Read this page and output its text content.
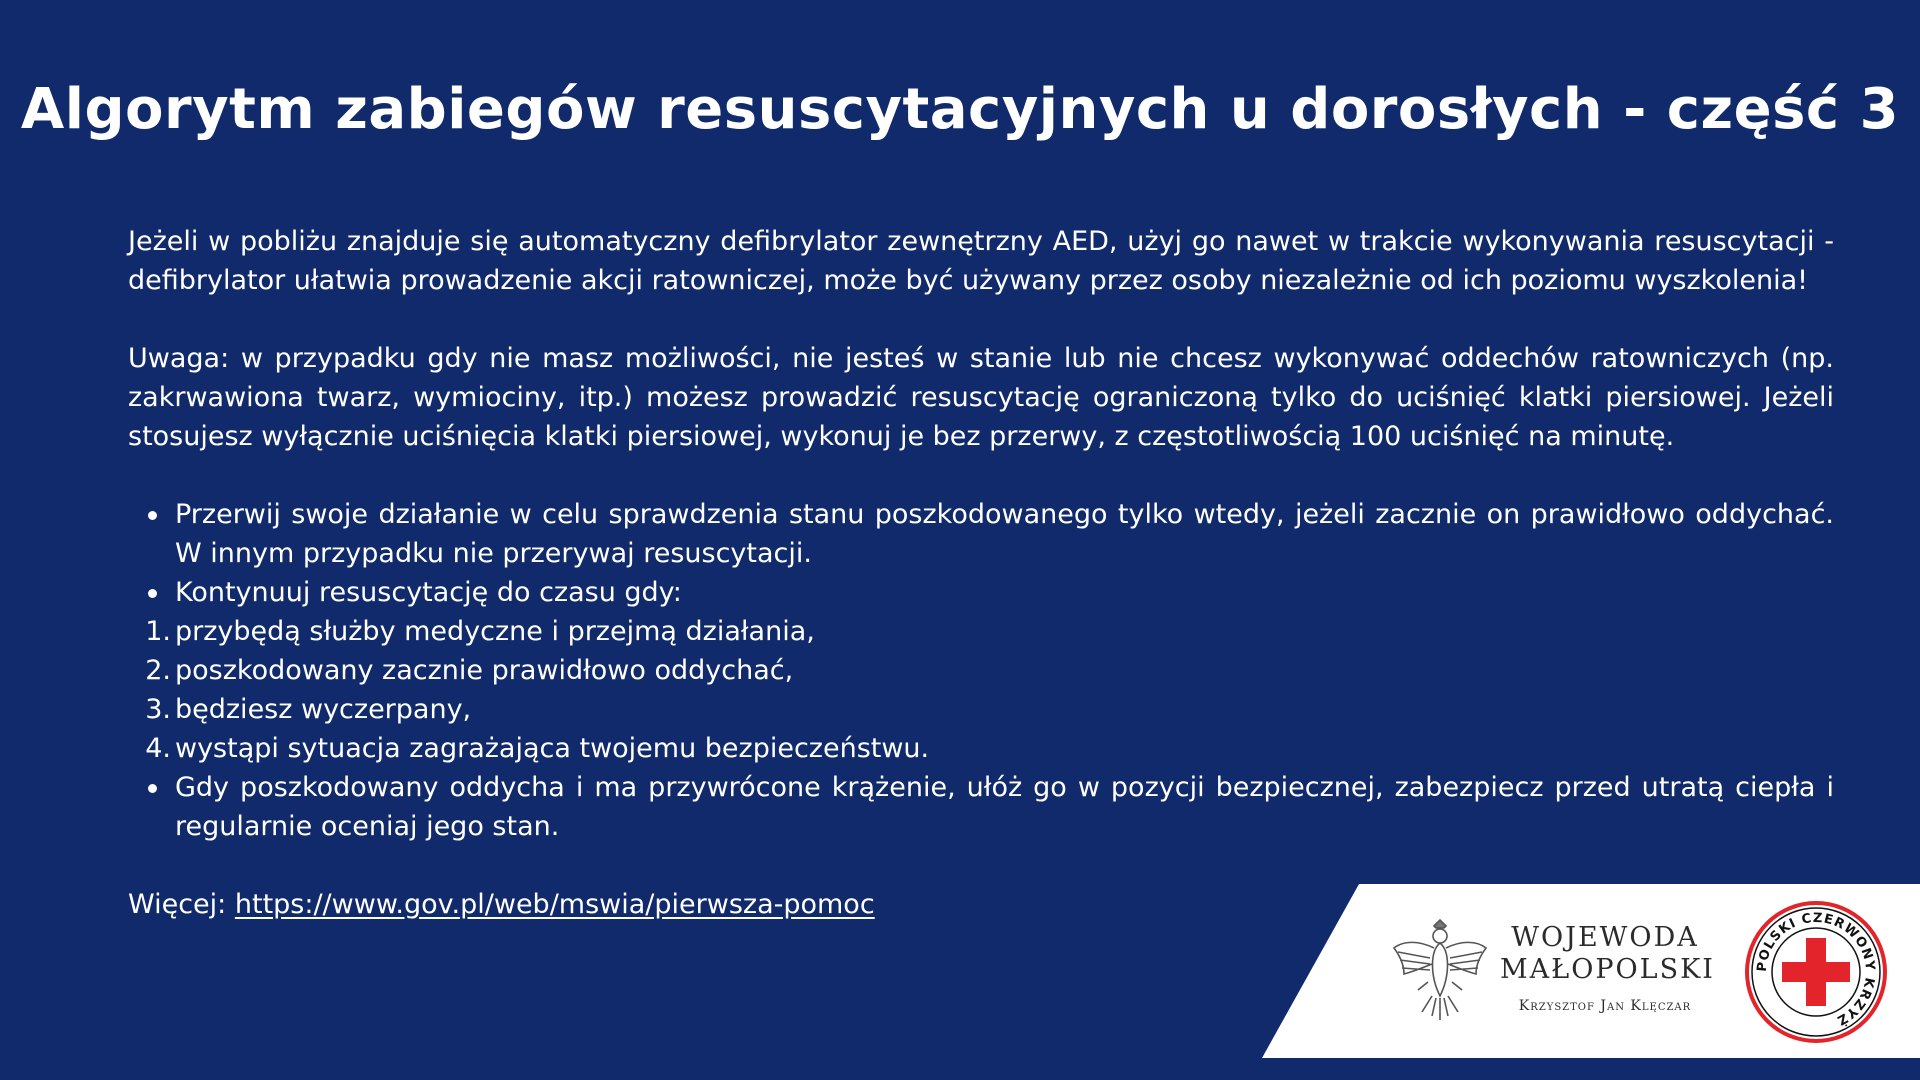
Algorytm zabiegów resuscytacyjnych u dorosłych - część 3

Jeżeli w pobliżu znajduje się automatyczny defibrylator zewnętrzny AED, użyj go nawet w trakcie wykonywania resuscytacji - defibrylator ułatwia prowadzenie akcji ratowniczej, może być używany przez osoby niezależnie od ich poziomu wyszkolenia!

Uwaga: w przypadku gdy nie masz możliwości, nie jesteś w stanie lub nie chcesz wykonywać oddechów ratowniczych (np. zakrwawiona twarz, wymiociny, itp.) możesz prowadzić resuscytację ograniczoną tylko do uciśnięć klatki piersiowej. Jeżeli stosujesz wyłącznie uciśnięcia klatki piersiowej, wykonuj je bez przerwy, z częstotliwością 100 uciśnięć na minutę.

Przerwij swoje działanie w celu sprawdzenia stanu poszkodowanego tylko wtedy, jeżeli zacznie on prawidłowo oddychać. W innym przypadku nie przerywaj resuscytacji.
Kontynuuj resuscytację do czasu gdy:
1. przybędą służby medyczne i przejmą działania,
2. poszkodowany zacznie prawidłowo oddychać,
3. będziesz wyczerpany,
4. wystąpi sytuacja zagrażająca twojemu bezpieczeństwu.
Gdy poszkodowany oddycha i ma przywrócone krążenie, ułóż go w pozycji bezpiecznej, zabezpiecz przed utratą ciepła i regularnie oceniaj jego stan.
Więcej: https://www.gov.pl/web/mswia/pierwsza-pomoc
WOJEWODA
MAŁOPOLSKI
Krzysztof Jan Klęczar
POLSKI CZERWONY KRZYŻ
